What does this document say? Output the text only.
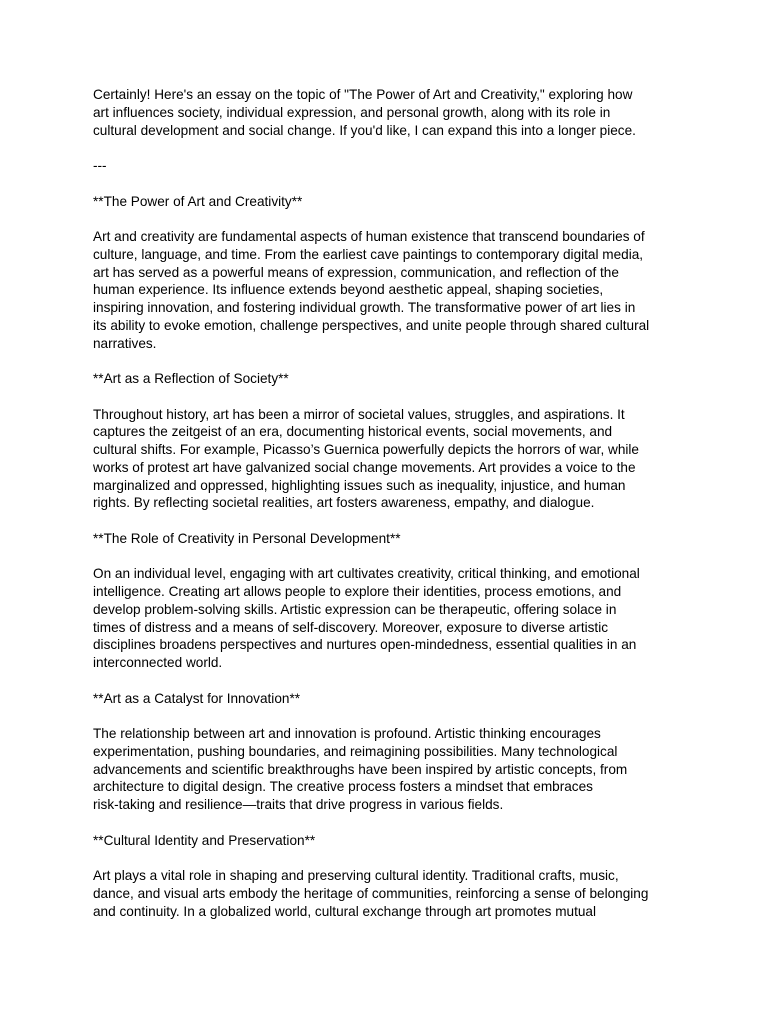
Certainly! Here's an essay on the topic of "The Power of Art and Creativity," exploring how
art influences society, individual expression, and personal growth, along with its role in
cultural development and social change. If you'd like, I can expand this into a longer piece.

---

**The Power of Art and Creativity**

Art and creativity are fundamental aspects of human existence that transcend boundaries of
culture, language, and time. From the earliest cave paintings to contemporary digital media,
art has served as a powerful means of expression, communication, and reflection of the
human experience. Its influence extends beyond aesthetic appeal, shaping societies,
inspiring innovation, and fostering individual growth. The transformative power of art lies in
its ability to evoke emotion, challenge perspectives, and unite people through shared cultural
narratives.

**Art as a Reflection of Society**

Throughout history, art has been a mirror of societal values, struggles, and aspirations. It
captures the zeitgeist of an era, documenting historical events, social movements, and
cultural shifts. For example, Picasso’s Guernica powerfully depicts the horrors of war, while
works of protest art have galvanized social change movements. Art provides a voice to the
marginalized and oppressed, highlighting issues such as inequality, injustice, and human
rights. By reflecting societal realities, art fosters awareness, empathy, and dialogue.

**The Role of Creativity in Personal Development**

On an individual level, engaging with art cultivates creativity, critical thinking, and emotional
intelligence. Creating art allows people to explore their identities, process emotions, and
develop problem-solving skills. Artistic expression can be therapeutic, offering solace in
times of distress and a means of self-discovery. Moreover, exposure to diverse artistic
disciplines broadens perspectives and nurtures open-mindedness, essential qualities in an
interconnected world.

**Art as a Catalyst for Innovation**

The relationship between art and innovation is profound. Artistic thinking encourages
experimentation, pushing boundaries, and reimagining possibilities. Many technological
advancements and scientific breakthroughs have been inspired by artistic concepts, from
architecture to digital design. The creative process fosters a mindset that embraces
risk-taking and resilience—traits that drive progress in various fields.

**Cultural Identity and Preservation**

Art plays a vital role in shaping and preserving cultural identity. Traditional crafts, music,
dance, and visual arts embody the heritage of communities, reinforcing a sense of belonging
and continuity. In a globalized world, cultural exchange through art promotes mutual
